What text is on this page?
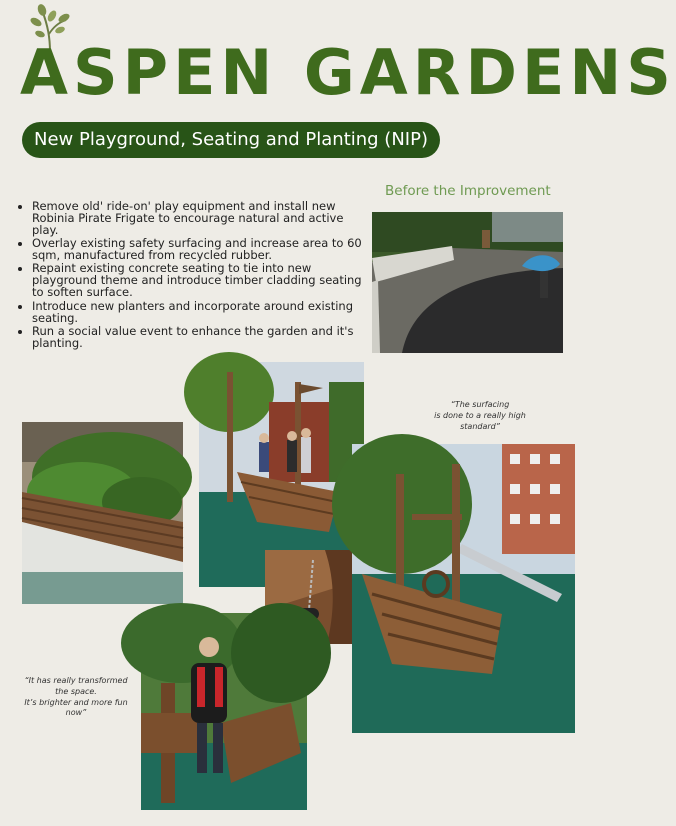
ASPEN GARDENS
New Playground, Seating and Planting (NIP)
Before the Improvement
• Remove old' ride-on' play equipment and install new Robinia Pirate Frigate to encourage natural and active play.
• Overlay existing safety surfacing and increase area to 60 sqm, manufactured from recycled rubber.
• Repaint existing concrete seating to tie into new playground theme and introduce timber cladding seating to soften surface.
• Introduce new planters and incorporate around existing seating.
• Run a social value event to enhance the garden and it's planting.
“The surfacing
is done to a really high
standard”
“It has really transformed
the space.
It’s brighter and more fun
now”
